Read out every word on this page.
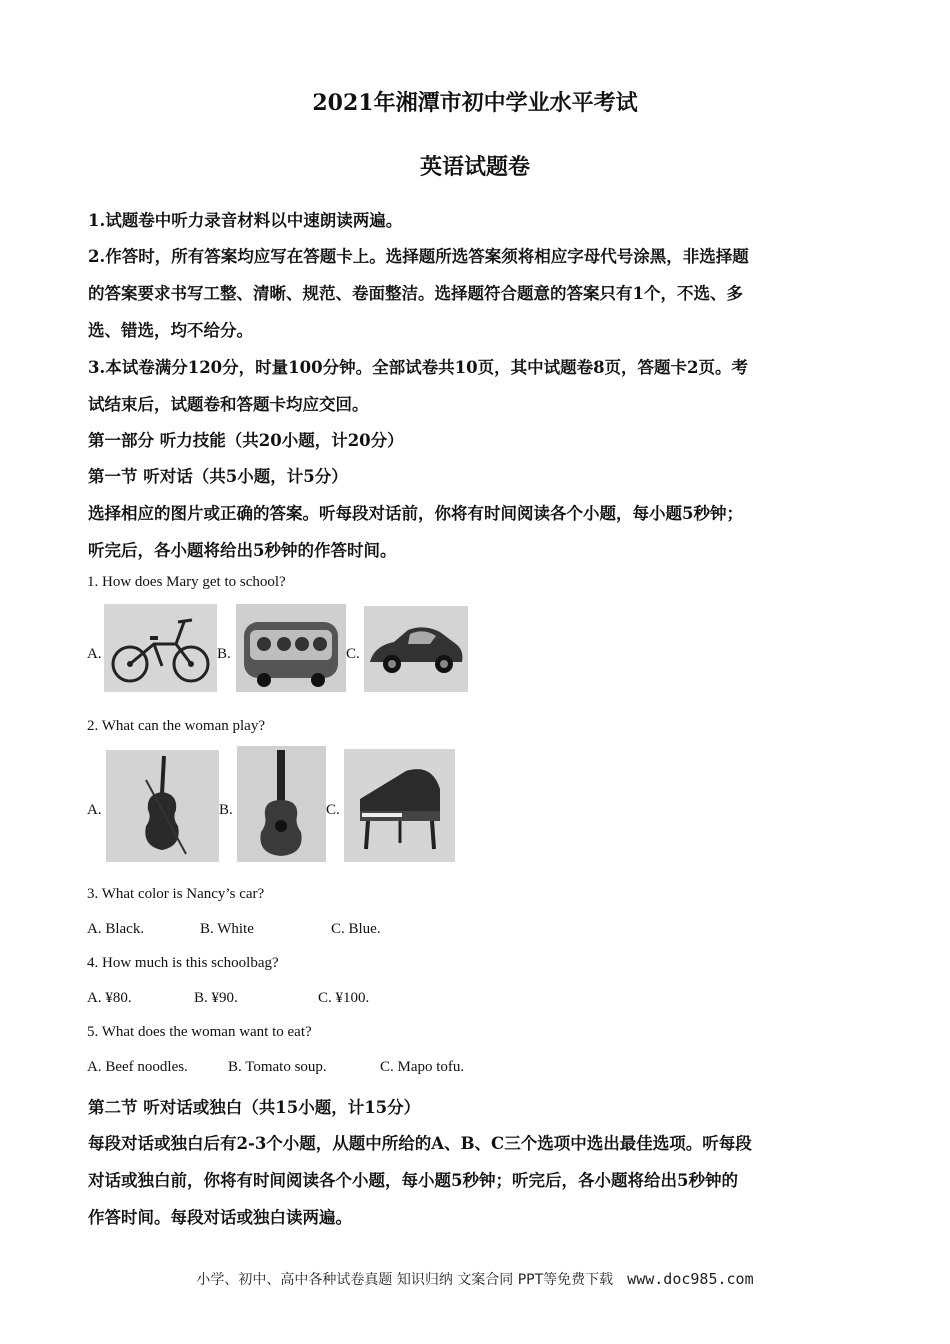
2021年湘潭市初中学业水平考试
英语试题卷
1.试题卷中听力录音材料以中速朗读两遍。
2.作答时，所有答案均应写在答题卡上。选择题所选答案须将相应字母代号涂黑，非选择题
的答案要求书写工整、清晰、规范、卷面整洁。选择题符合题意的答案只有1个，不选、多
选、错选，均不给分。
3.本试卷满分120分，时量100分钟。全部试卷共10页，其中试题卷8页，答题卡2页。考
试结束后，试题卷和答题卡均应交回。
第一部分 听力技能（共20小题，计20分）
第一节 听对话（共5小题，计5分）
选择相应的图片或正确的答案。听每段对话前，你将有时间阅读各个小题，每小题5秒钟；
听完后，各小题将给出5秒钟的作答时间。
1. How does Mary get to school?
A.	B.	C.
2. What can the woman play?
A.	B.	C.
3. What color is Nancy’s car?
A. Black.	B. White	C. Blue.
4. How much is this schoolbag?
A. ¥80.	B. ¥90.	C. ¥100.
5. What does the woman want to eat?
A. Beef noodles.	B. Tomato soup.	C. Mapo tofu.
第二节 听对话或独白（共15小题，计15分）
每段对话或独白后有2-3个小题，从题中所给的A、B、C三个选项中选出最佳选项。听每段
对话或独白前，你将有时间阅读各个小题，每小题5秒钟；听完后，各小题将给出5秒钟的
作答时间。每段对话或独白读两遍。
小学、初中、高中各种试卷真题 知识归纳 文案合同 PPT等免费下载 www.doc985.com
